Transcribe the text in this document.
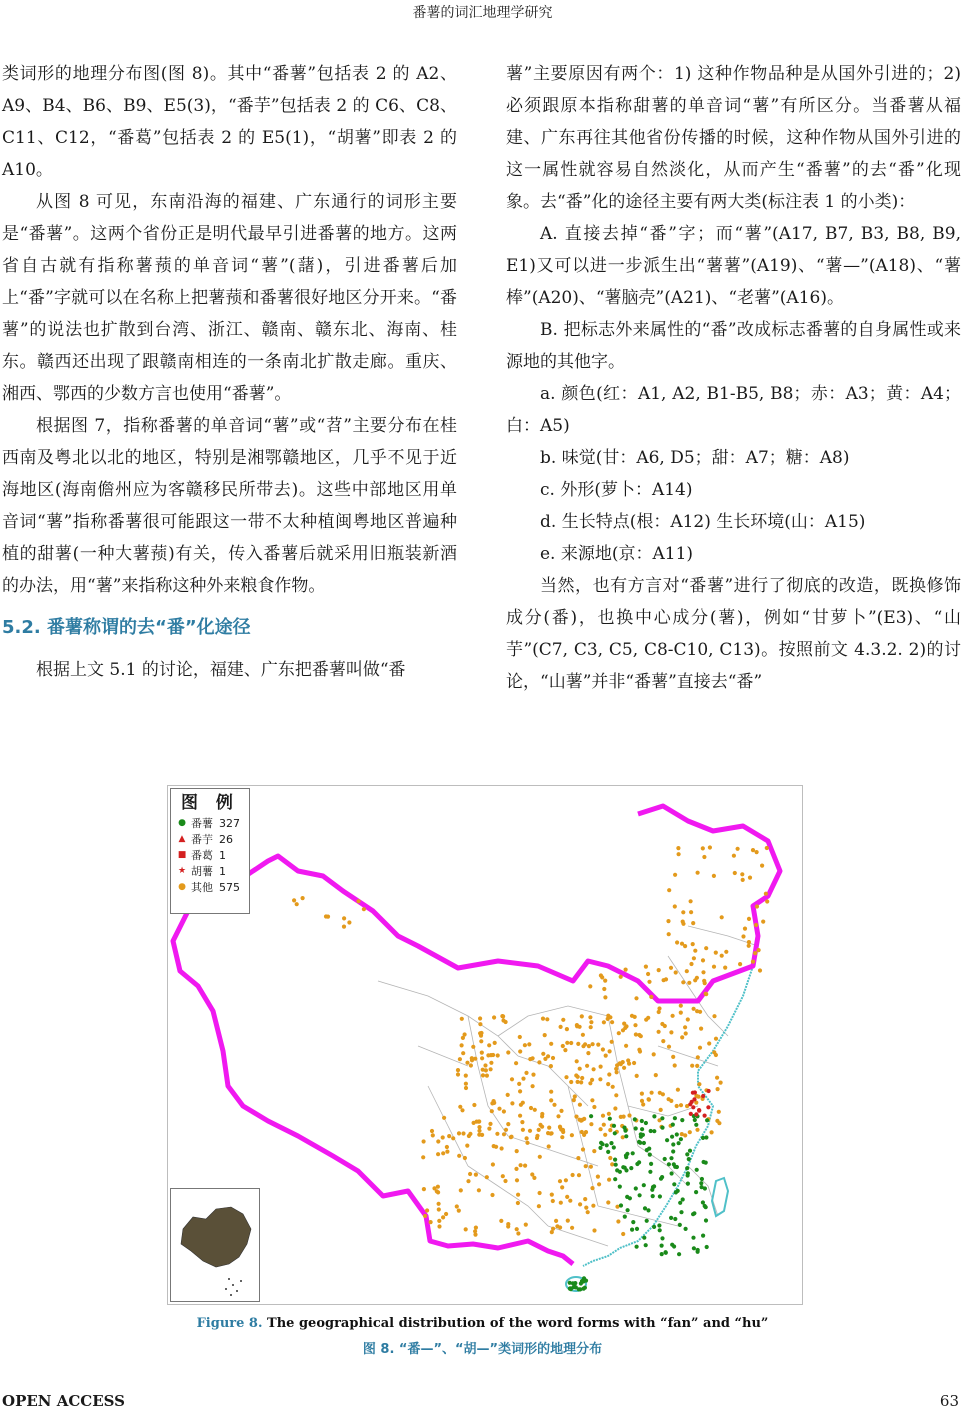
番薯的词汇地理学研究

类词形的地理分布图(图 8)。其中“番薯”包括表 2 的 A2、A9、B4、B6、B9、E5(3)，“番芋”包括表 2 的 C6、C8、C11、C12，“番葛”包括表 2 的 E5(1)，“胡薯”即表 2 的 A10。

从图 8 可见，东南沿海的福建、广东通行的词形主要是“番薯”。这两个省份正是明代最早引进番薯的地方。这两省自古就有指称薯蓣的单音词“薯”(藷)，引进番薯后加上“番”字就可以在名称上把薯蓣和番薯很好地区分开来。“番薯”的说法也扩散到台湾、浙江、赣南、赣东北、海南、桂东。赣西还出现了跟赣南相连的一条南北扩散走廊。重庆、湘西、鄂西的少数方言也使用“番薯”。

根据图 7，指称番薯的单音词“薯”或“苕”主要分布在桂西南及粤北以北的地区，特别是湘鄂赣地区，几乎不见于近海地区(海南儋州应为客赣移民所带去)。这些中部地区用单音词“薯”指称番薯很可能跟这一带不太种植闽粤地区普遍种植的甜薯(一种大薯蓣)有关，传入番薯后就采用旧瓶装新酒的办法，用“薯”来指称这种外来粮食作物。

5.2. 番薯称谓的去“番”化途径

根据上文 5.1 的讨论，福建、广东把番薯叫做“番

薯”主要原因有两个：1) 这种作物品种是从国外引进的；2) 必须跟原本指称甜薯的单音词“薯”有所区分。当番薯从福建、广东再往其他省份传播的时候，这种作物从国外引进的这一属性就容易自然淡化，从而产生“番薯”的去“番”化现象。去“番”化的途径主要有两大类(标注表 1 的小类)：

A. 直接去掉“番”字；而“薯”(A17, B7, B3, B8, B9, E1)又可以进一步派生出“薯薯”(A19)、“薯—”(A18)、“薯棒”(A20)、“薯脑壳”(A21)、“老薯”(A16)。

B. 把标志外来属性的“番”改成标志番薯的自身属性或来源地的其他字。

a. 颜色(红：A1, A2, B1-B5, B8；赤：A3；黄：A4；白：A5)

b. 味觉(甘：A6, D5；甜：A7；糖：A8)

c. 外形(萝卜：A14)

d. 生长特点(根：A12) 生长环境(山：A15)

e. 来源地(京：A11)

当然，也有方言对“番薯”进行了彻底的改造，既换修饰成分(番)，也换中心成分(薯)，例如“甘萝卜”(E3)、“山芋”(C7, C3, C5, C8-C10, C13)。按照前文 4.3.2. 2)的讨论，“山薯”并非“番薯”直接去“番”

图 例
● 番薯 327
▲ 番芋 26
■ 番葛 1
★ 胡薯 1
● 其他 575
Figure 8. The geographical distribution of the word forms with “fan” and “hu”
图 8. “番—”、“胡—”类词形的地理分布
OPEN ACCESS	63
